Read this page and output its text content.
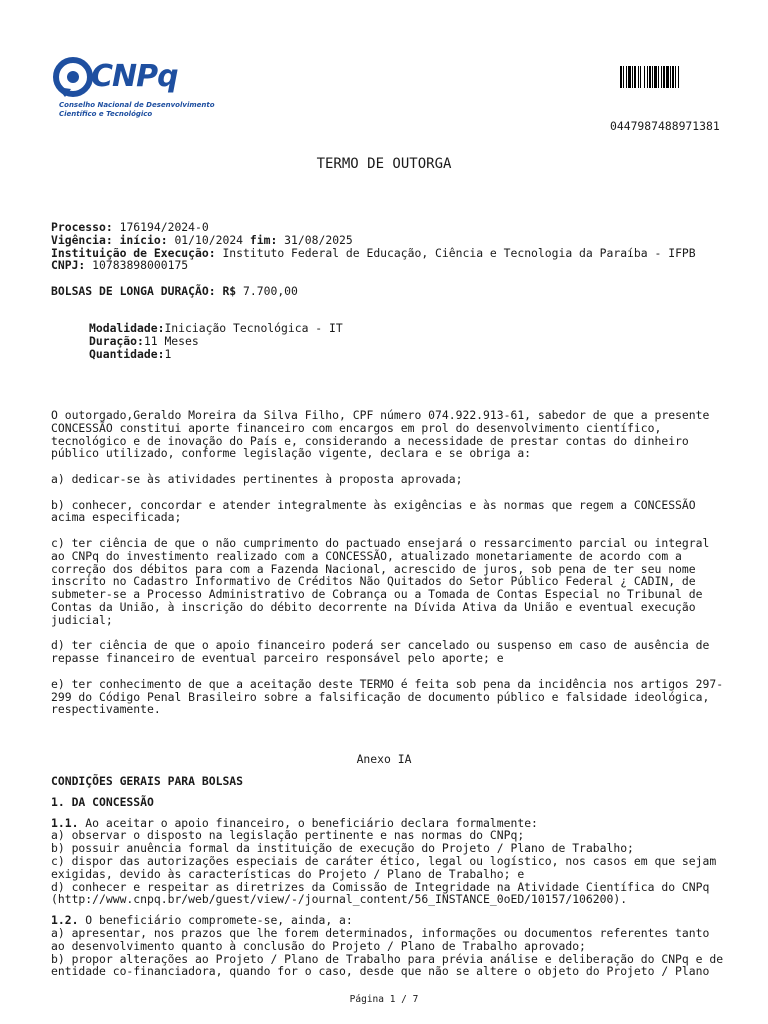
CNPq
Conselho Nacional de Desenvolvimento
Científico e Tecnológico
0447987488971381
TERMO DE OUTORGA
Processo: 176194/2024-0
Vigência: início: 01/10/2024 fim: 31/08/2025
Instituição de Execução: Instituto Federal de Educação, Ciência e Tecnologia da Paraíba - IFPB
CNPJ: 10783898000175
BOLSAS DE LONGA DURAÇÃO: R$ 7.700,00
Modalidade:Iniciação Tecnológica - IT
Duração:11 Meses
Quantidade:1

O outorgado,Geraldo Moreira da Silva Filho, CPF número 074.922.913-61, sabedor de que a presente
CONCESSÃO constitui aporte financeiro com encargos em prol do desenvolvimento científico,
tecnológico e de inovação do País e, considerando a necessidade de prestar contas do dinheiro
público utilizado, conforme legislação vigente, declara e se obriga a:

a) dedicar-se às atividades pertinentes à proposta aprovada;

b) conhecer, concordar e atender integralmente às exigências e às normas que regem a CONCESSÃO
acima especificada;

c) ter ciência de que o não cumprimento do pactuado ensejará o ressarcimento parcial ou integral
ao CNPq do investimento realizado com a CONCESSÃO, atualizado monetariamente de acordo com a
correção dos débitos para com a Fazenda Nacional, acrescido de juros, sob pena de ter seu nome
inscrito no Cadastro Informativo de Créditos Não Quitados do Setor Público Federal ¿ CADIN, de
submeter-se a Processo Administrativo de Cobrança ou a Tomada de Contas Especial no Tribunal de
Contas da União, à inscrição do débito decorrente na Dívida Ativa da União e eventual execução
judicial;

d) ter ciência de que o apoio financeiro poderá ser cancelado ou suspenso em caso de ausência de
repasse financeiro de eventual parceiro responsável pelo aporte; e

e) ter conhecimento de que a aceitação deste TERMO é feita sob pena da incidência nos artigos 297-
299 do Código Penal Brasileiro sobre a falsificação de documento público e falsidade ideológica,
respectivamente.

Anexo IA
CONDIÇÕES GERAIS PARA BOLSAS
1. DA CONCESSÃO

1.1. Ao aceitar o apoio financeiro, o beneficiário declara formalmente:
a) observar o disposto na legislação pertinente e nas normas do CNPq;
b) possuir anuência formal da instituição de execução do Projeto / Plano de Trabalho;
c) dispor das autorizações especiais de caráter ético, legal ou logístico, nos casos em que sejam
exigidas, devido às características do Projeto / Plano de Trabalho; e
d) conhecer e respeitar as diretrizes da Comissão de Integridade na Atividade Científica do CNPq
(http://www.cnpq.br/web/guest/view/-/journal_content/56_INSTANCE_0oED/10157/106200).

1.2. O beneficiário compromete-se, ainda, a:
a) apresentar, nos prazos que lhe forem determinados, informações ou documentos referentes tanto
ao desenvolvimento quanto à conclusão do Projeto / Plano de Trabalho aprovado;
b) propor alterações ao Projeto / Plano de Trabalho para prévia análise e deliberação do CNPq e de
entidade co-financiadora, quando for o caso, desde que não se altere o objeto do Projeto / Plano

Página 1 / 7
